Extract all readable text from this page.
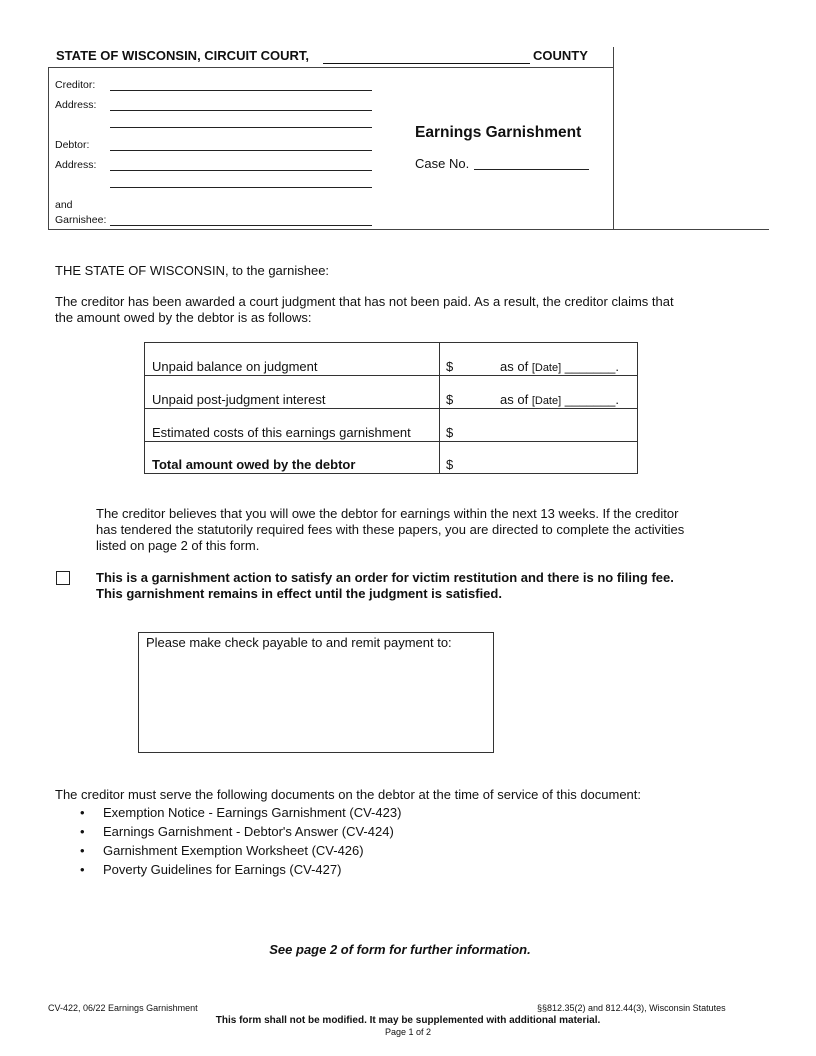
STATE OF WISCONSIN, CIRCUIT COURT,	COUNTY
Creditor:
Address:
Debtor:
Address:
and
Garnishee:
Earnings Garnishment
Case No.
THE STATE OF WISCONSIN, to the garnishee:
The creditor has been awarded a court judgment that has not been paid. As a result, the creditor claims that
the amount owed by the debtor is as follows:
Unpaid balance on judgment	$	as of [Date] _______.
Unpaid post-judgment interest	$	as of [Date] _______.
Estimated costs of this earnings garnishment	$
Total amount owed by the debtor	$
The creditor believes that you will owe the debtor for earnings within the next 13 weeks. If the creditor
has tendered the statutorily required fees with these papers, you are directed to complete the activities
listed on page 2 of this form.
This is a garnishment action to satisfy an order for victim restitution and there is no filing fee.
This garnishment remains in effect until the judgment is satisfied.
Please make check payable to and remit payment to:
The creditor must serve the following documents on the debtor at the time of service of this document:
• Exemption Notice - Earnings Garnishment (CV-423)
• Earnings Garnishment - Debtor's Answer (CV-424)
• Garnishment Exemption Worksheet (CV-426)
• Poverty Guidelines for Earnings (CV-427)
See page 2 of form for further information.
CV-422, 06/22 Earnings Garnishment	§§812.35(2) and 812.44(3), Wisconsin Statutes
This form shall not be modified. It may be supplemented with additional material.
Page 1 of 2
